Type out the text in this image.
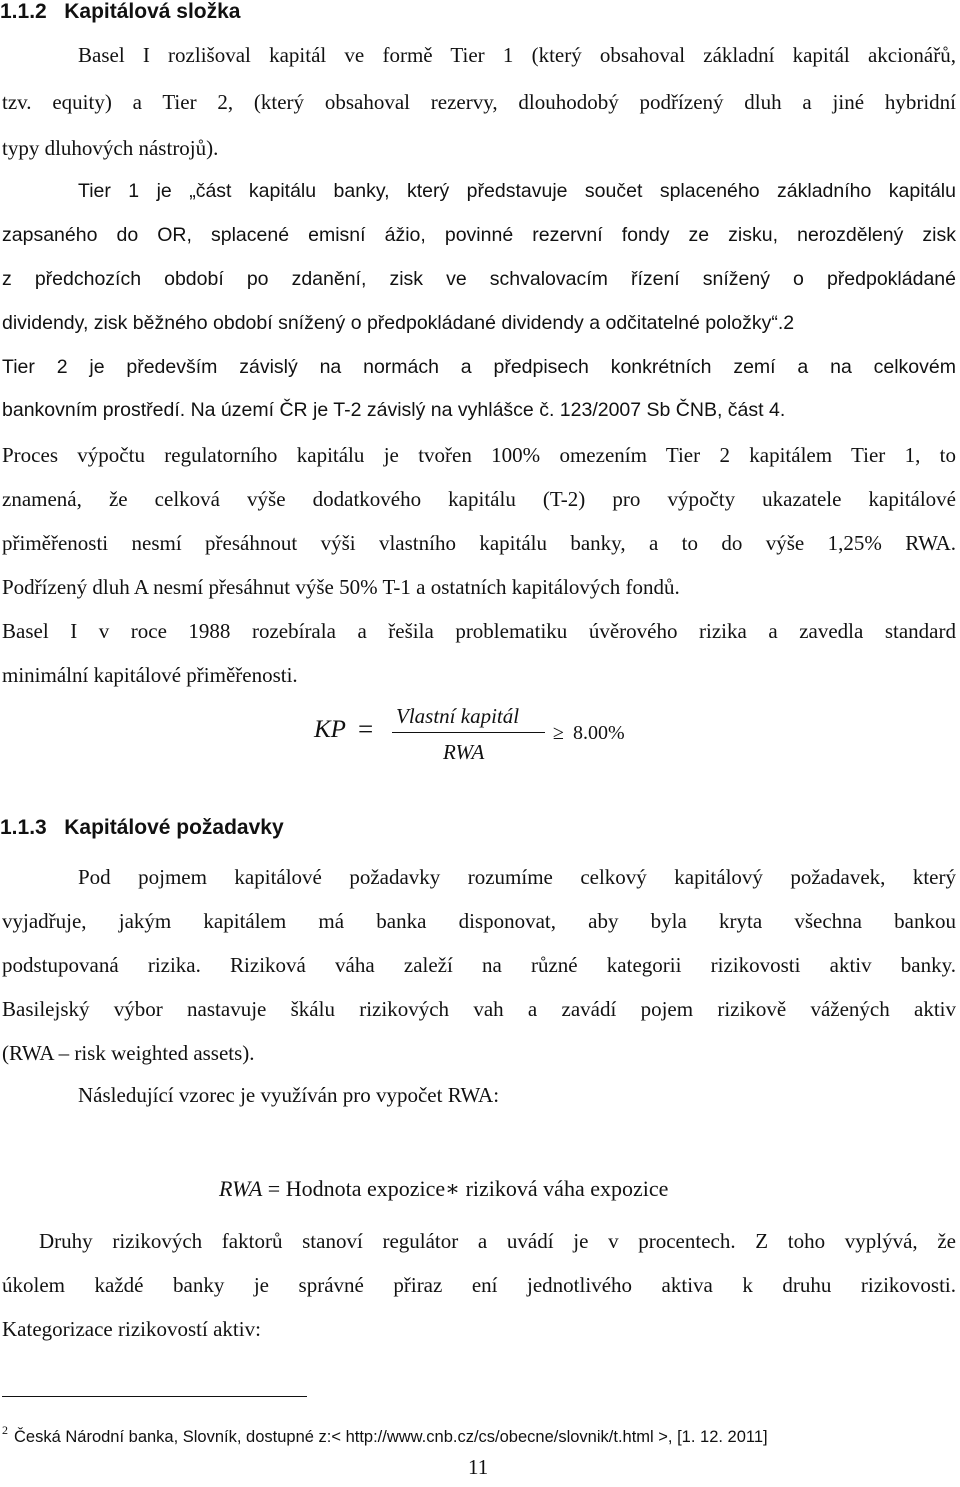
1.1.2 Kapitálová složka
Basel I rozlišoval kapitál ve formě Tier 1 (který obsahoval základní kapitál akcionářů,
tzv. equity) a Tier 2, (který obsahoval rezervy, dlouhodobý podřízený dluh a jiné hybridní
typy dluhových nástrojů).
Tier 1 je „část kapitálu banky, který představuje součet splaceného základního kapitálu
zapsaného do OR, splacené emisní ážio, povinné rezervní fondy ze zisku, nerozdělený zisk
z předchozích období po zdanění, zisk ve schvalovacím řízení snížený o předpokládané
dividendy, zisk běžného období snížený o předpokládané dividendy a odčitatelné položky“.2
Tier 2 je především závislý na normách a předpisech konkrétních zemí a na celkovém
bankovním prostředí. Na území ČR je T-2 závislý na vyhlášce č. 123/2007 Sb ČNB, část 4.
Proces výpočtu regulatorního kapitálu je tvořen 100% omezením Tier 2 kapitálem Tier 1, to
znamená, že celková výše dodatkového kapitálu (T-2) pro výpočty ukazatele kapitálové
přiměřenosti nesmí přesáhnout výši vlastního kapitálu banky, a to do výše 1,25% RWA.
Podřízený dluh A nesmí přesáhnut výše 50% T-1 a ostatních kapitálových fondů.
Basel I v roce 1988 rozebírala a řešila problematiku úvěrového rizika a zavedla standard
minimální kapitálové přiměřenosti.
KP = Vlastní kapitál
RWA
≥ 8.00%
1.1.3 Kapitálové požadavky
Pod pojmem kapitálové požadavky rozumíme celkový kapitálový požadavek, který
vyjadřuje, jakým kapitálem má banka disponovat, aby byla kryta všechna bankou
podstupovaná rizika. Riziková váha zaleží na různé kategorii rizikovosti aktiv banky.
Basilejský výbor nastavuje škálu rizikových vah a zavádí pojem rizikově vážených aktiv
(RWA – risk weighted assets).
Následující vzorec je využíván pro vypočet RWA:
RWA = Hodnota expozice∗ riziková váha expozice
Druhy rizikových faktorů stanoví regulátor a uvádí je v procentech. Z toho vyplývá, že
úkolem každé banky je správné přiraz ení jednotlivého aktiva k druhu rizikovosti.
Kategorizace rizikovostí aktiv:
2 Česká Národní banka, Slovník, dostupné z:< http://www.cnb.cz/cs/obecne/slovnik/t.html >, [1. 12. 2011]
11
